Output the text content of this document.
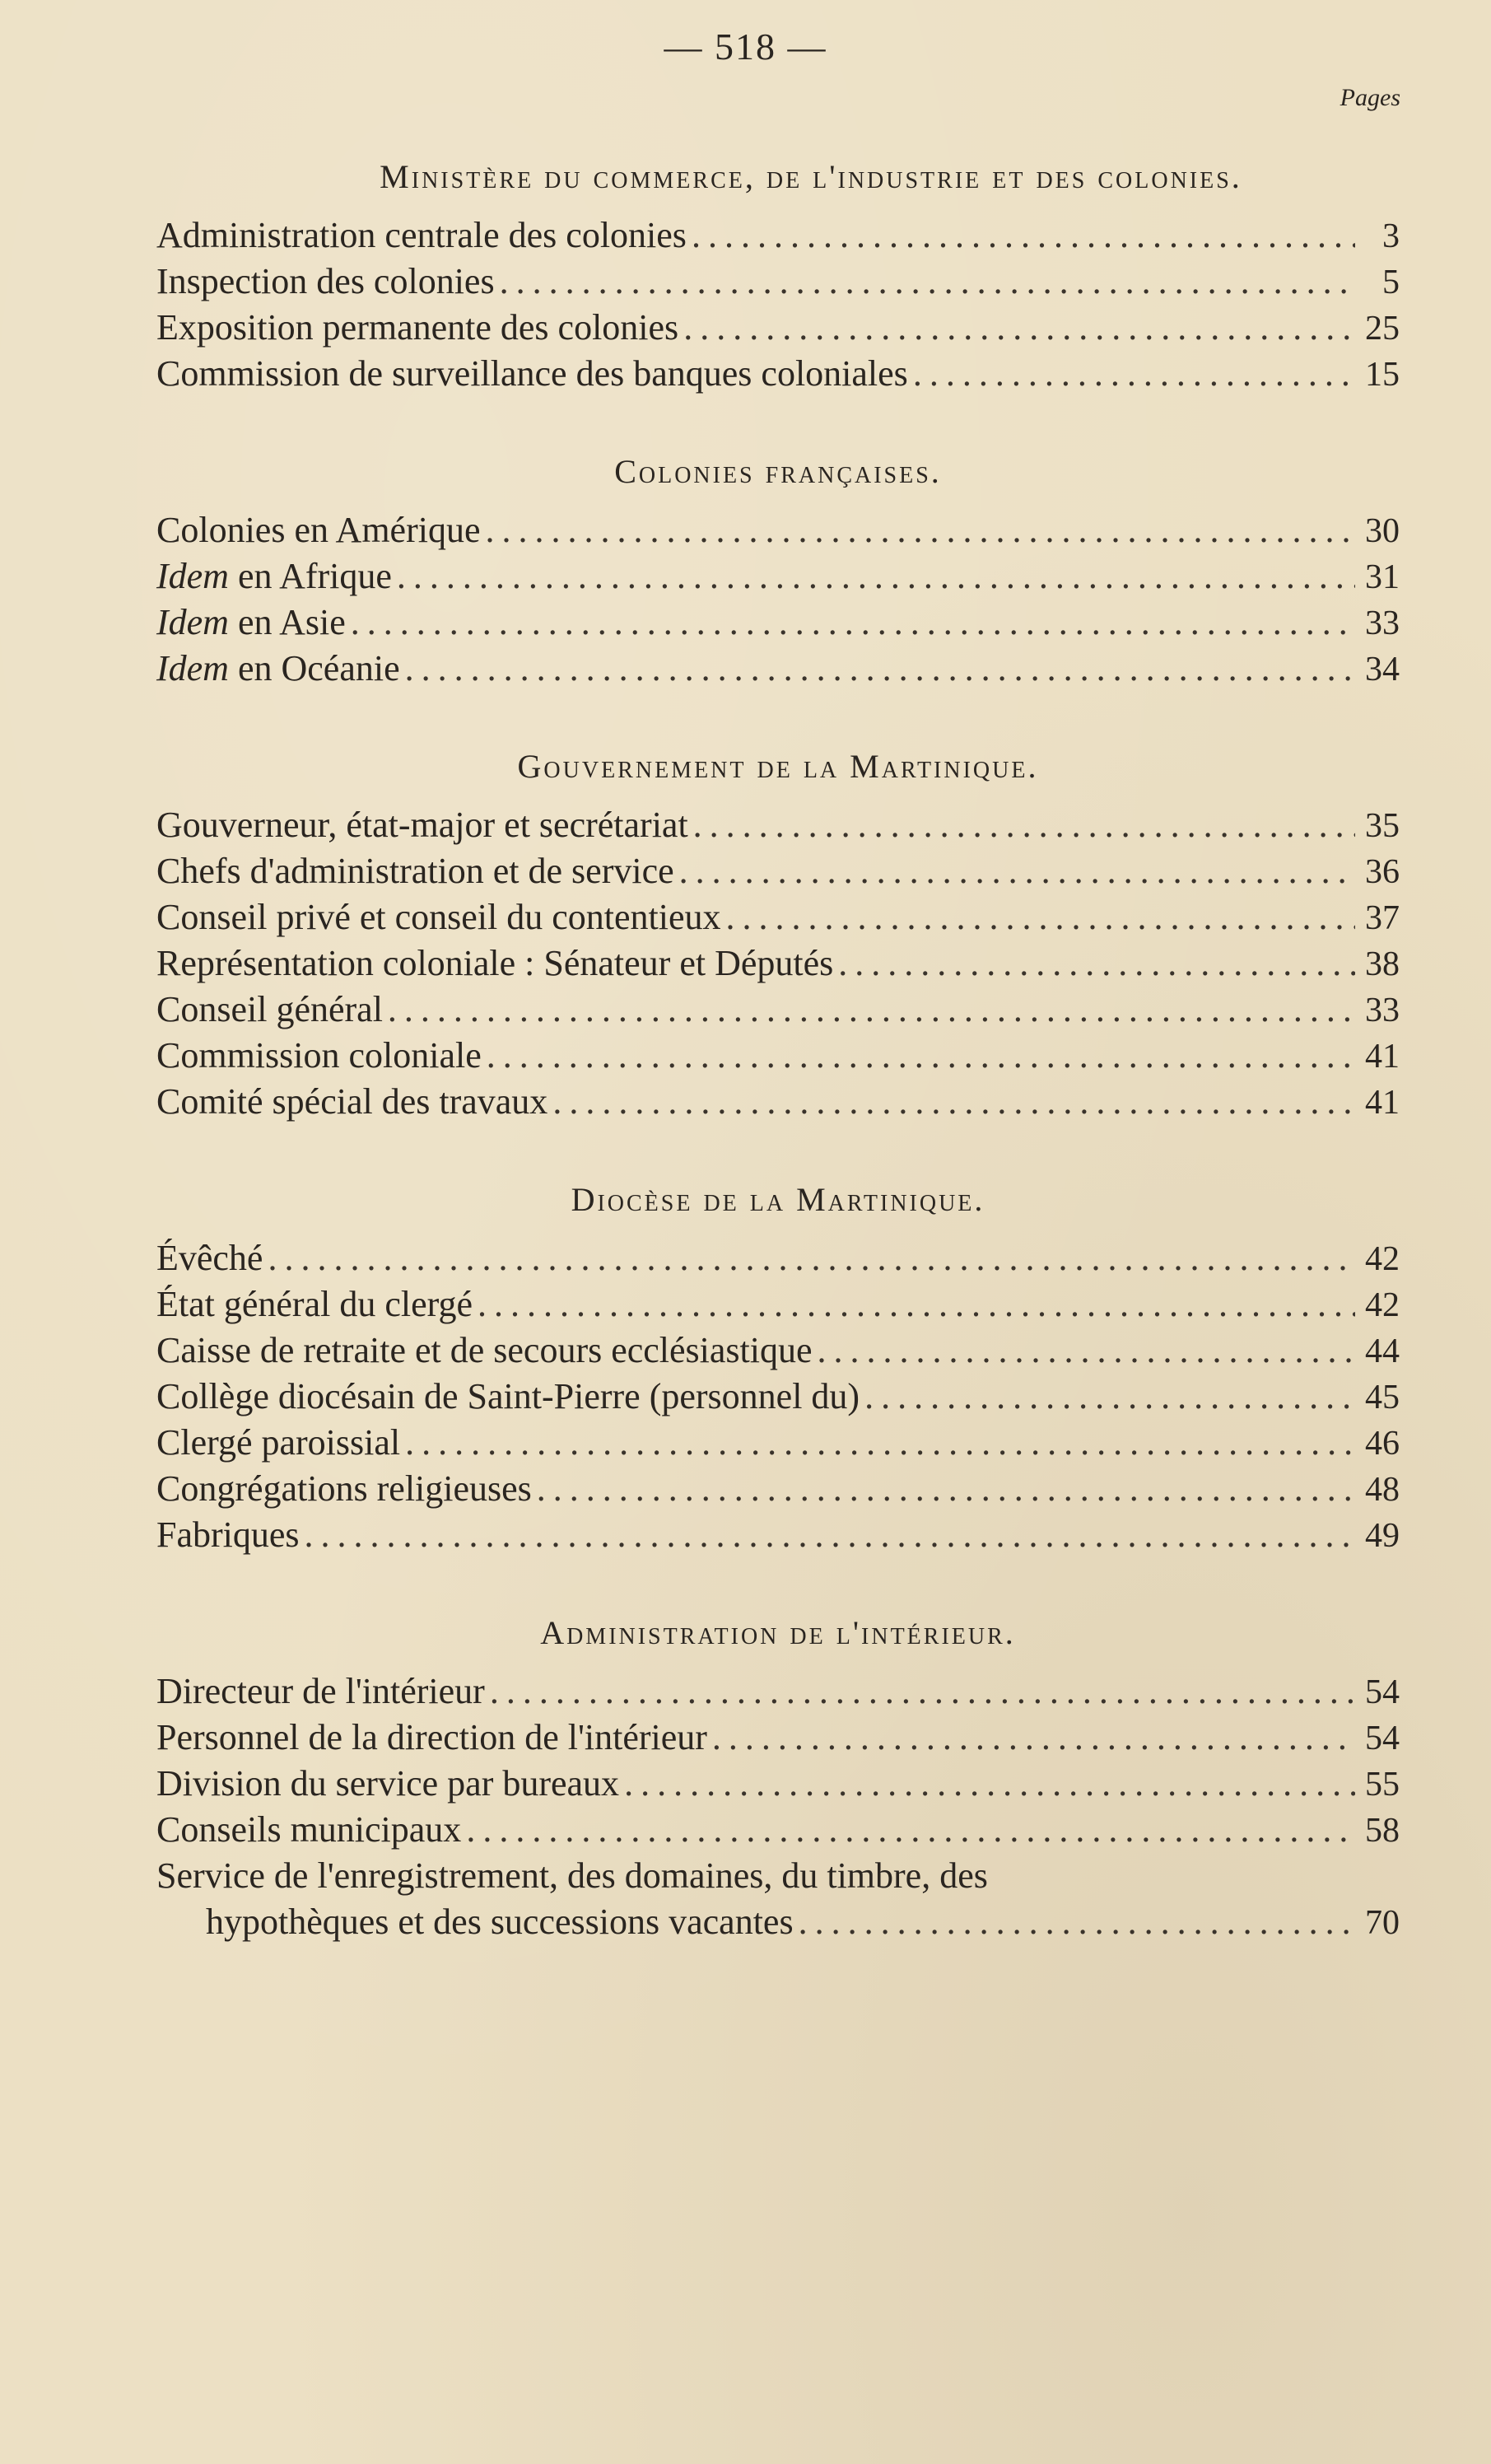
— 518 —
Pages
Ministère du commerce, de l'industrie et des colonies.
Administration centrale des colonies .....	3
Inspection des colonies .....	5
Exposition permanente des colonies .....	25
Commission de surveillance des banques coloniales .....	15
Colonies françaises.
Colonies en Amérique .....	30
Idem en Afrique .....	31
Idem en Asie .....	33
Idem en Océanie .....	34
Gouvernement de la Martinique.
Gouverneur, état-major et secrétariat .....	35
Chefs d'administration et de service .....	36
Conseil privé et conseil du contentieux .....	37
Représentation coloniale : Sénateur et Députés .....	38
Conseil général .....	33
Commission coloniale .....	41
Comité spécial des travaux .....	41
Diocèse de la Martinique.
Évêché .....	42
État général du clergé .....	42
Caisse de retraite et de secours ecclésiastique .....	44
Collège diocésain de Saint-Pierre (personnel du) .....	45
Clergé paroissial .....	46
Congrégations religieuses .....	48
Fabriques .....	49
Administration de l'intérieur.
Directeur de l'intérieur .....	54
Personnel de la direction de l'intérieur .....	54
Division du service par bureaux .....	55
Conseils municipaux .....	58
Service de l'enregistrement, des domaines, du timbre, des
hypothèques et des successions vacantes .....	70
